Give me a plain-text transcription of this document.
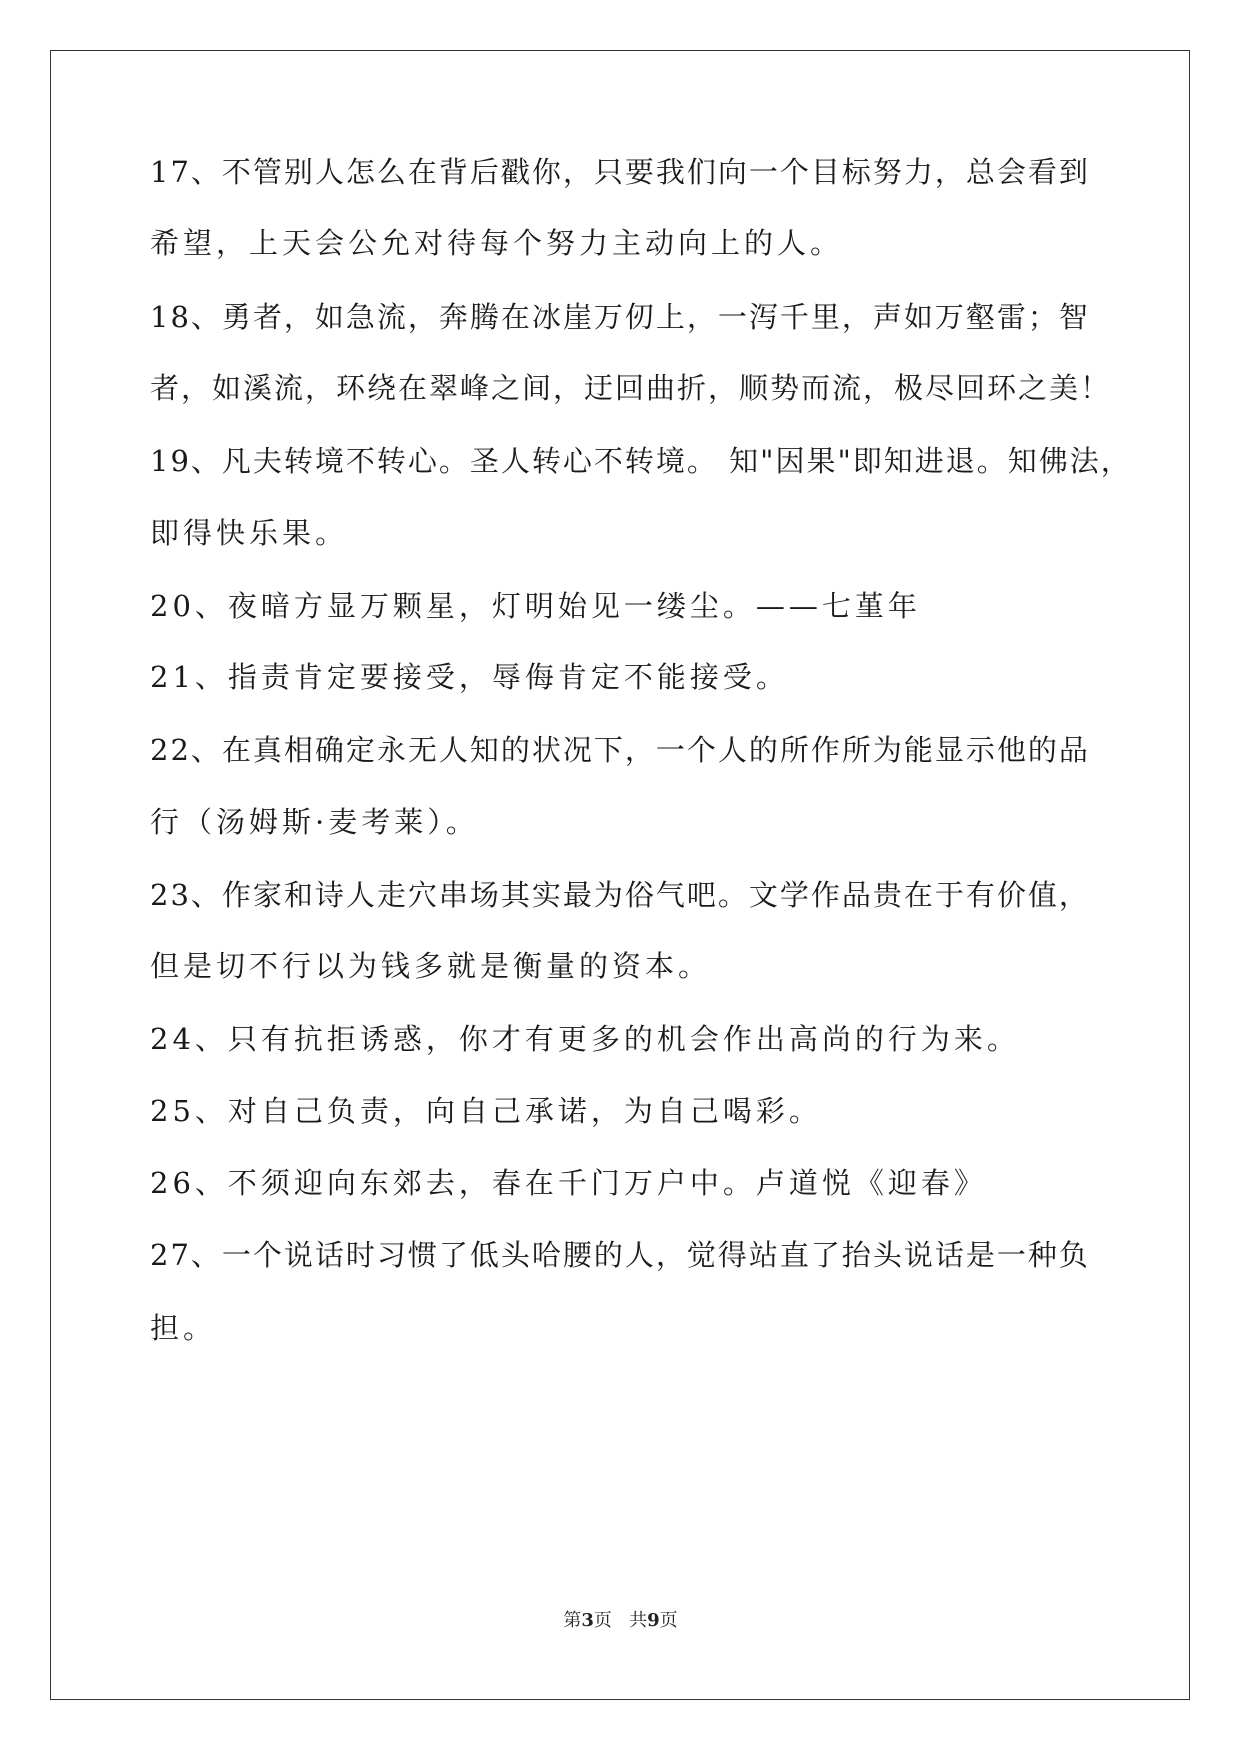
17、不管别人怎么在背后戳你，只要我们向一个目标努力，总会看到
希望，上天会公允对待每个努力主动向上的人。
18、勇者，如急流，奔腾在冰崖万仞上，一泻千里，声如万壑雷；智
者，如溪流，环绕在翠峰之间，迂回曲折，顺势而流，极尽回环之美！
19、凡夫转境不转心。圣人转心不转境。 知"因果"即知进退。知佛法，
即得快乐果。
20、夜暗方显万颗星，灯明始见一缕尘。——七堇年
21、指责肯定要接受，辱侮肯定不能接受。
22、在真相确定永无人知的状况下，一个人的所作所为能显示他的品
行（汤姆斯·麦考莱）。
23、作家和诗人走穴串场其实最为俗气吧。文学作品贵在于有价值，
但是切不行以为钱多就是衡量的资本。
24、只有抗拒诱惑，你才有更多的机会作出高尚的行为来。
25、对自己负责，向自己承诺，为自己喝彩。
26、不须迎向东郊去，春在千门万户中。卢道悦《迎春》
27、一个说话时习惯了低头哈腰的人，觉得站直了抬头说话是一种负
担。
第3页   共9页
